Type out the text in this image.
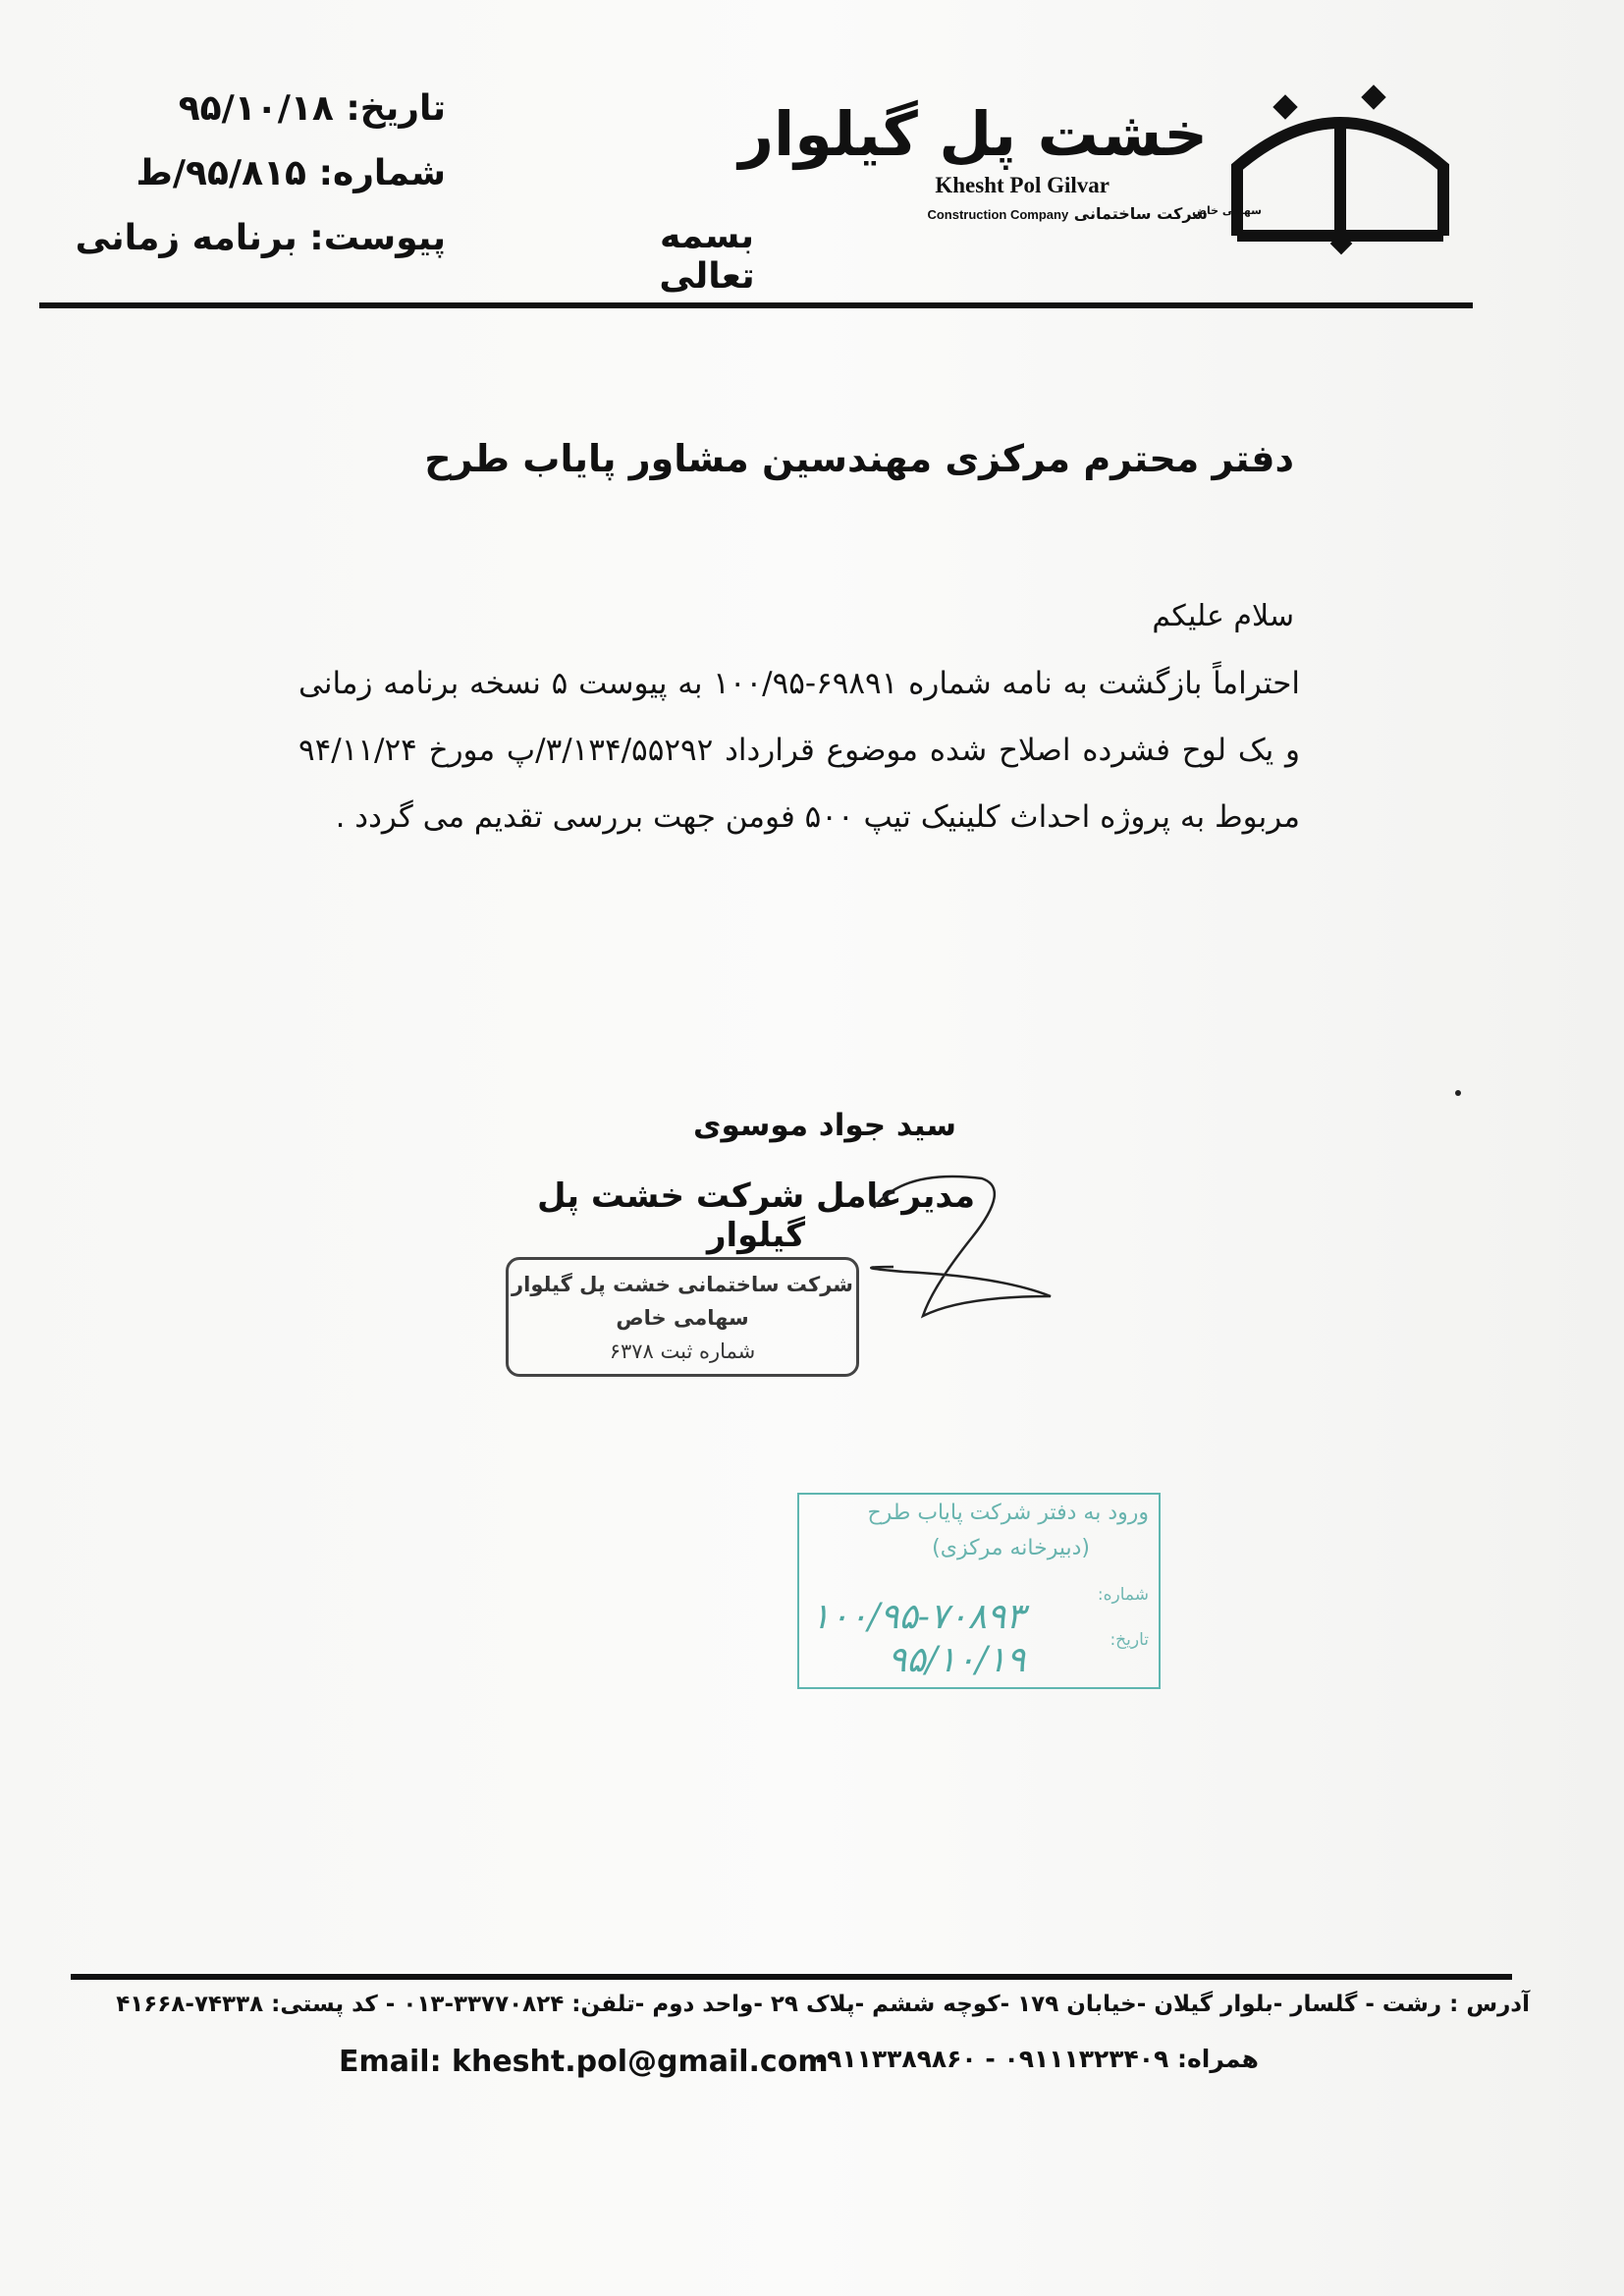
تاریخ: ۹۵/۱۰/۱۸
شماره: ۹۵/۸۱۵/ط
پیوست: برنامه زمانی	بسمه تعالی
خشت پل گیلوار
Khesht Pol Gilvar
شرکت ساختمانی Construction Company	سهامی خاص
دفتر محترم مرکزی مهندسین مشاور پایاب طرح
سلام علیکم
احتراماً بازگشت به نامه شماره ۶۹۸۹۱-۱۰۰/۹۵ به پیوست ۵ نسخه برنامه زمانی و یک لوح فشرده اصلاح شده موضوع قرارداد ۳/۱۳۴/۵۵۲۹۲/پ مورخ ۹۴/۱۱/۲۴ مربوط به پروژه احداث کلینیک تیپ ۵۰۰ فومن جهت بررسی تقدیم می گردد .
سید جواد موسوی
مدیرعامل شرکت خشت پل گیلوار
شرکت ساختمانی خشت پل گیلوار
سهامی خاص
شماره ثبت ۶۳۷۸
ورود به دفتر شرکت پایاب طرح
(دبیرخانه مرکزی)
شماره:
تاریخ:
۱۰۰/۹۵-۷۰۸۹۳
۹۵/۱۰/۱۹
آدرس : رشت - گلسار -بلوار گیلان -خیابان ۱۷۹ -کوچه ششم -پلاک ۲۹ -واحد دوم -تلفن: ۳۳۷۷۰۸۲۴-۰۱۳ - کد پستی: ۷۴۳۳۸-۴۱۶۶۸
همراه: ۰۹۱۱۱۳۲۳۴۰۹ - ۰۹۱۱۳۳۸۹۸۶۰
Email: khesht.pol@gmail.com
